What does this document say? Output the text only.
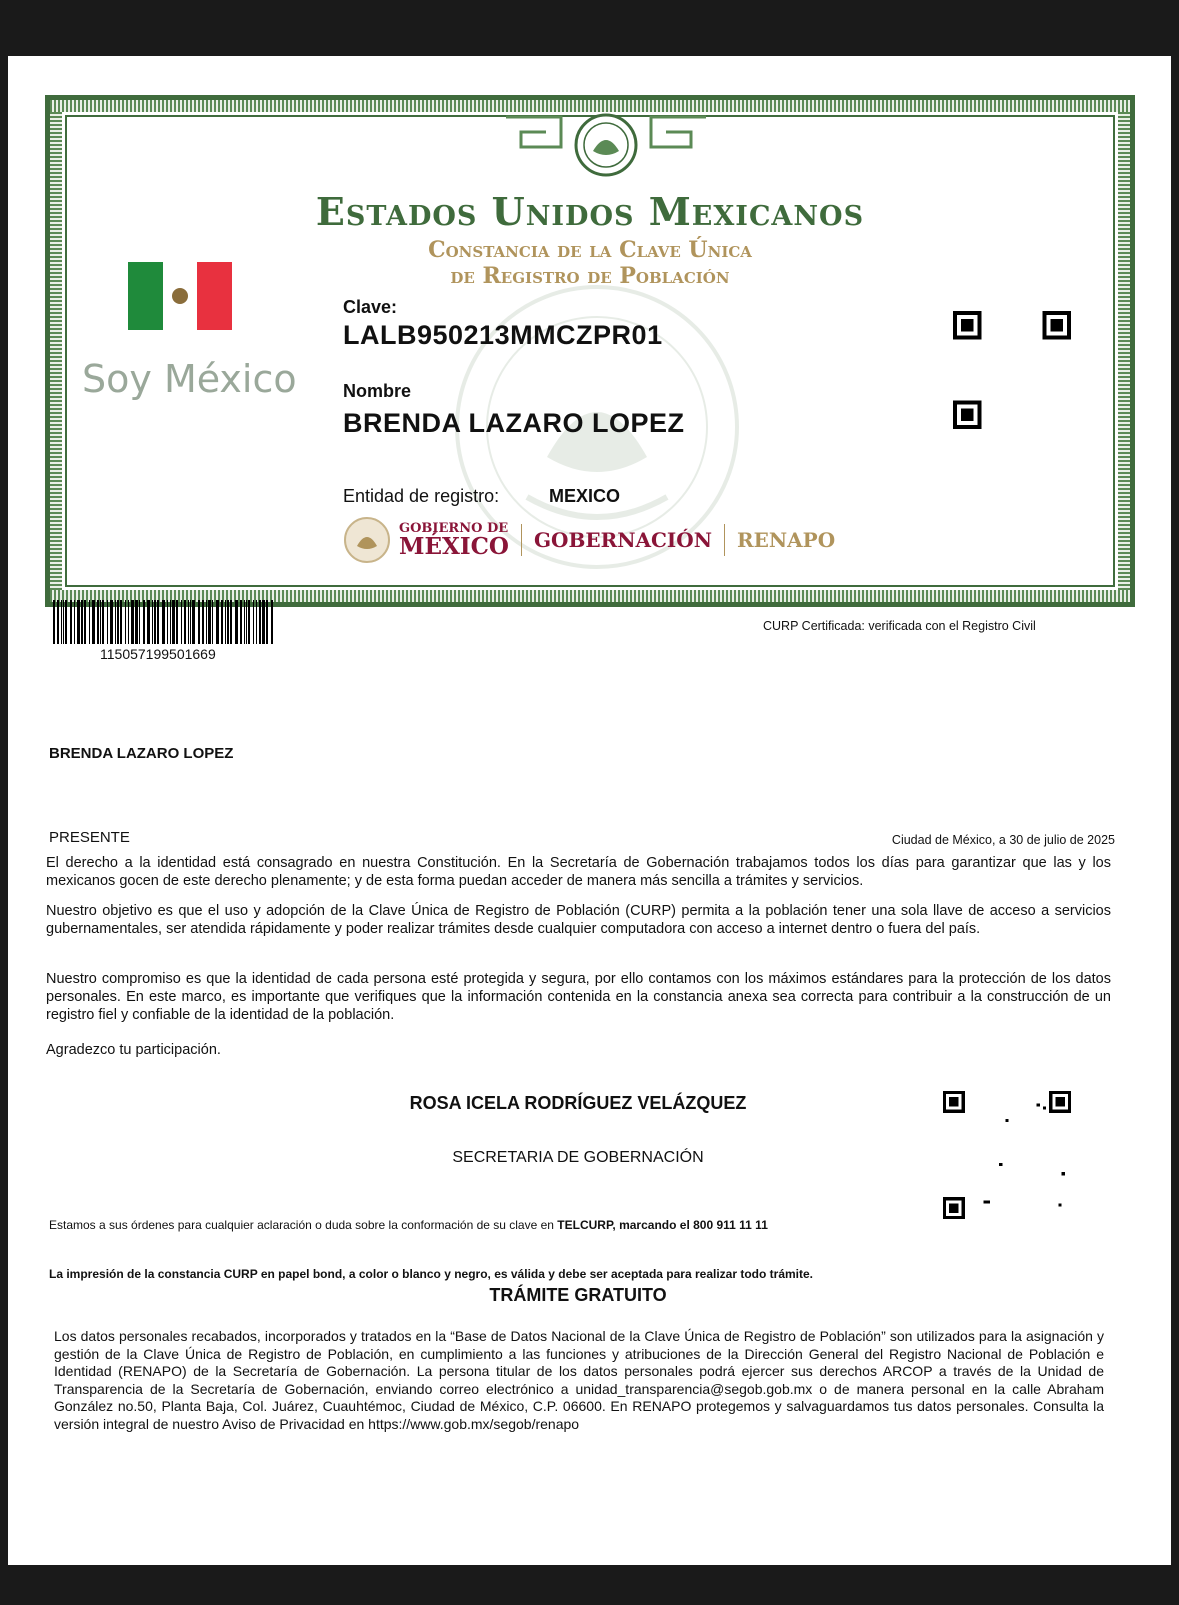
Estados Unidos Mexicanos
Constancia de la Clave Única
de Registro de Población
Soy México
Clave:
LALB950213MMCZPR01
Nombre
BRENDA LAZARO LOPEZ
Entidad de registro:	MEXICO
GOBIERNO DE
MÉXICO GOBERNACIÓN RENAPO
115057199501669
CURP Certificada: verificada con el Registro Civil
BRENDA LAZARO LOPEZ
PRESENTE	Ciudad de México, a 30 de julio de 2025
El derecho a la identidad está consagrado en nuestra Constitución. En la Secretaría de Gobernación trabajamos todos los días para garantizar que las y los mexicanos gocen de este derecho plenamente; y de esta forma puedan acceder de manera más sencilla a trámites y servicios.
Nuestro objetivo es que el uso y adopción de la Clave Única de Registro de Población (CURP) permita a la población tener una sola llave de acceso a servicios gubernamentales, ser atendida rápidamente y poder realizar trámites desde cualquier computadora con acceso a internet dentro o fuera del país.
Nuestro compromiso es que la identidad de cada persona esté protegida y segura, por ello contamos con los máximos estándares para la protección de los datos personales. En este marco, es importante que verifiques que la información contenida en la constancia anexa sea correcta para contribuir a la construcción de un registro fiel y confiable de la identidad de la población.
Agradezco tu participación.
ROSA ICELA RODRÍGUEZ VELÁZQUEZ
SECRETARIA DE GOBERNACIÓN
Estamos a sus órdenes para cualquier aclaración o duda sobre la conformación de su clave en TELCURP, marcando el 800 911 11 11
La impresión de la constancia CURP en papel bond, a color o blanco y negro, es válida y debe ser aceptada para realizar todo trámite.
TRÁMITE GRATUITO
Los datos personales recabados, incorporados y tratados en la “Base de Datos Nacional de la Clave Única de Registro de Población” son utilizados para la asignación y gestión de la Clave Única de Registro de Población, en cumplimiento a las funciones y atribuciones de la Dirección General del Registro Nacional de Población e Identidad (RENAPO) de la Secretaría de Gobernación. La persona titular de los datos personales podrá ejercer sus derechos ARCOP a través de la Unidad de Transparencia de la Secretaría de Gobernación, enviando correo electrónico a unidad_transparencia@segob.gob.mx o de manera personal en la calle Abraham González no.50, Planta Baja, Col. Juárez, Cuauhtémoc, Ciudad de México, C.P. 06600. En RENAPO protegemos y salvaguardamos tus datos personales. Consulta la versión integral de nuestro Aviso de Privacidad en https://www.gob.mx/segob/renapo
